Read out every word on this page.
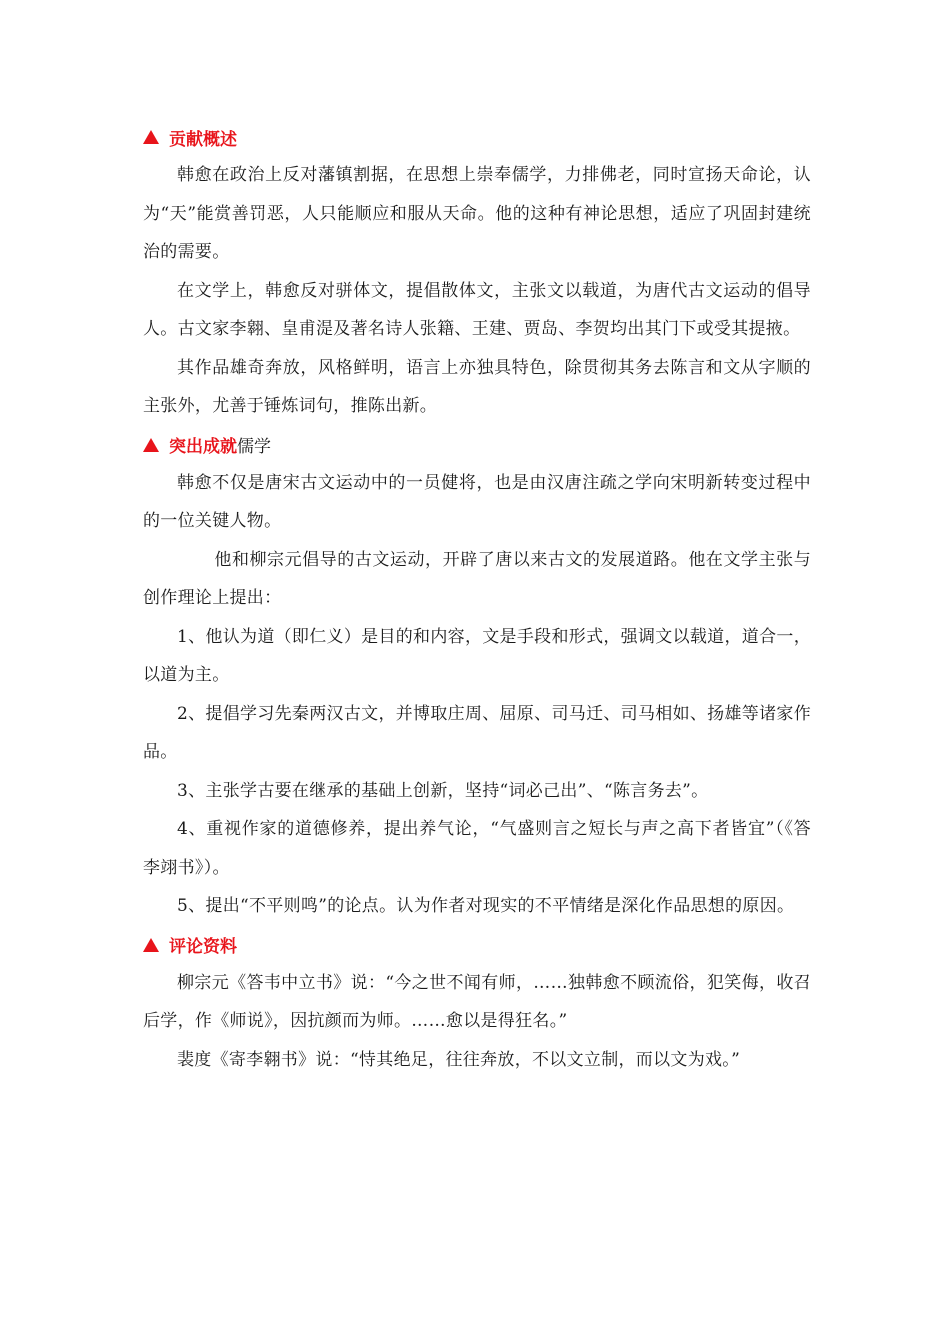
贡献概述

韩愈在政治上反对藩镇割据，在思想上崇奉儒学，力排佛老，同时宣扬天命论，认为“天”能赏善罚恶，人只能顺应和服从天命。他的这种有神论思想，适应了巩固封建统治的需要。

在文学上，韩愈反对骈体文，提倡散体文，主张文以载道，为唐代古文运动的倡导人。古文家李翱、皇甫湜及著名诗人张籍、王建、贾岛、李贺均出其门下或受其提掖。

其作品雄奇奔放，风格鲜明，语言上亦独具特色，除贯彻其务去陈言和文从字顺的主张外，尤善于锤炼词句，推陈出新。

突出成就 儒学

韩愈不仅是唐宋古文运动中的一员健将，也是由汉唐注疏之学向宋明新转变过程中的一位关键人物。

他和柳宗元倡导的古文运动，开辟了唐以来古文的发展道路。他在文学主张与创作理论上提出：

1、他认为道（即仁义）是目的和内容，文是手段和形式，强调文以载道，道合一，以道为主。

2、提倡学习先秦两汉古文，并博取庄周、屈原、司马迁、司马相如、扬雄等诸家作品。

3、主张学古要在继承的基础上创新，坚持“词必己出”、“陈言务去”。

4、重视作家的道德修养，提出养气论，“气盛则言之短长与声之高下者皆宜”（《答李翊书》）。

5、提出“不平则鸣”的论点。认为作者对现实的不平情绪是深化作品思想的原因。

评论资料

柳宗元《答韦中立书》说：“今之世不闻有师，……独韩愈不顾流俗，犯笑侮，收召后学，作《师说》，因抗颜而为师。……愈以是得狂名。”

裴度《寄李翱书》说：“恃其绝足，往往奔放，不以文立制，而以文为戏。”
